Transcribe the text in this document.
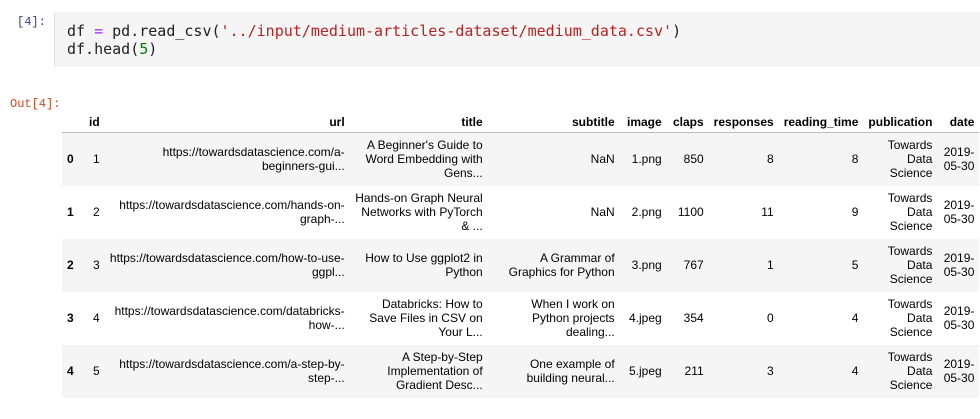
[4]: df = pd.read_csv('../input/medium-articles-dataset/medium_data.csv')
df.head(5)
Out[4]:
	id	url	title	subtitle	image	claps	responses	reading_time	publication	date
0	1	https://towardsdatascience.com/a-beginners-gui...	A Beginner's Guide to Word Embedding with Gens...	NaN	1.png	850	8	8	Towards Data Science	2019-05-30
1	2	https://towardsdatascience.com/hands-on-graph-...	Hands-on Graph Neural Networks with PyTorch & ...	NaN	2.png	1100	11	9	Towards Data Science	2019-05-30
2	3	https://towardsdatascience.com/how-to-use-ggpl...	How to Use ggplot2 in Python	A Grammar of Graphics for Python	3.png	767	1	5	Towards Data Science	2019-05-30
3	4	https://towardsdatascience.com/databricks-how-...	Databricks: How to Save Files in CSV on Your L...	When I work on Python projects dealing...	4.jpeg	354	0	4	Towards Data Science	2019-05-30
4	5	https://towardsdatascience.com/a-step-by-step-...	A Step-by-Step Implementation of Gradient Desc...	One example of building neural...	5.jpeg	211	3	4	Towards Data Science	2019-05-30
